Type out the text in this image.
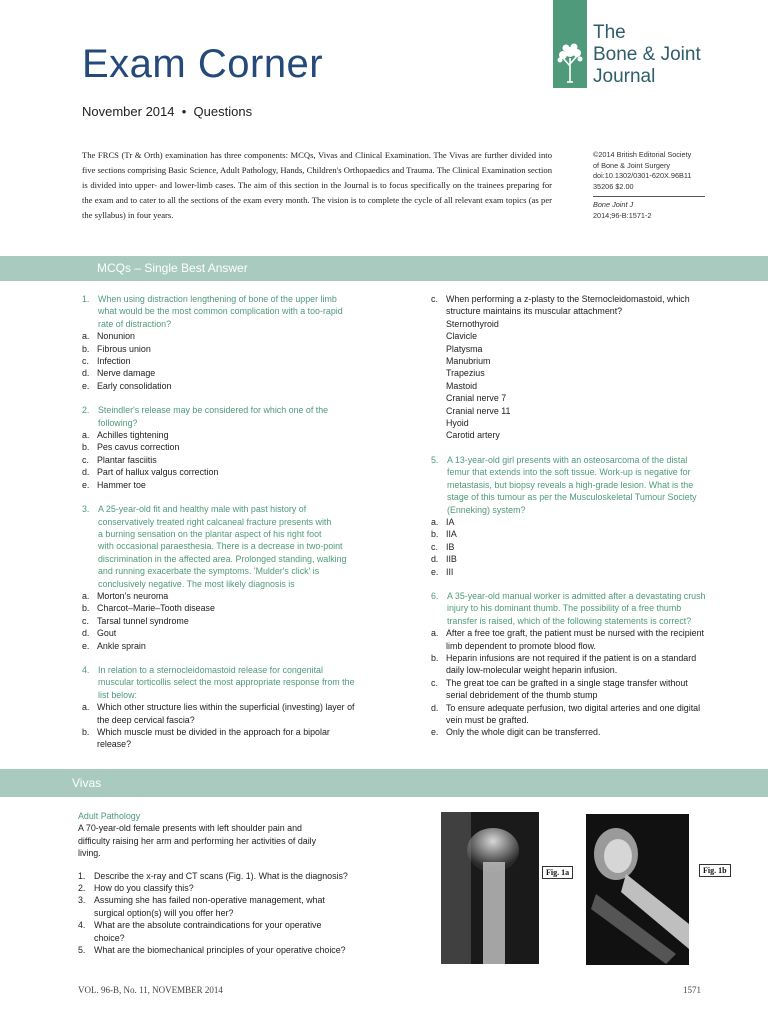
The
Bone & Joint
Journal
Exam Corner
November 2014 • Questions
The FRCS (Tr & Orth) examination has three components: MCQs, Vivas and Clinical Examination. The Vivas are further divided into five sections comprising Basic Science, Adult Pathology, Hands, Children's Orthopaedics and Trauma. The Clinical Examination section is divided into upper- and lower-limb cases. The aim of this section in the Journal is to focus specifically on the trainees preparing for the exam and to cater to all the sections of the exam every month. The vision is to complete the cycle of all relevant exam topics (as per the syllabus) in four years.
©2014 British Editorial Society
of Bone & Joint Surgery
doi:10.1302/0301-620X.96B11
35206 $2.00
Bone Joint J
2014;96-B:1571-2
MCQs – Single Best Answer
1. When using distraction lengthening of bone of the upper limb
what would be the most common complication with a too-rapid
rate of distraction?
a. Nonunion
b. Fibrous union
c. Infection
d. Nerve damage
e. Early consolidation
2. Steindler's release may be considered for which one of the
following?
a. Achilles tightening
b. Pes cavus correction
c. Plantar fasciitis
d. Part of hallux valgus correction
e. Hammer toe
3. A 25-year-old fit and healthy male with past history of
conservatively treated right calcaneal fracture presents with
a burning sensation on the plantar aspect of his right foot
with occasional paraesthesia. There is a decrease in two-point
discrimination in the affected area. Prolonged standing, walking
and running exacerbate the symptoms. 'Mulder's click' is
conclusively negative. The most likely diagnosis is
a. Morton's neuroma
b. Charcot–Marie–Tooth disease
c. Tarsal tunnel syndrome
d. Gout
e. Ankle sprain
4. In relation to a sternocleidomastoid release for congenital
muscular torticollis select the most appropriate response from the
list below:
a. Which other structure lies within the superficial (investing) layer of
the deep cervical fascia?
b. Which muscle must be divided in the approach for a bipolar
release?
c. When performing a z-plasty to the Sternocleidomastoid, which
structure maintains its muscular attachment?
Sternothyroid
Clavicle
Platysma
Manubrium
Trapezius
Mastoid
Cranial nerve 7
Cranial nerve 11
Hyoid
Carotid artery
5. A 13-year-old girl presents with an osteosarcoma of the distal
femur that extends into the soft tissue. Work-up is negative for
metastasis, but biopsy reveals a high-grade lesion. What is the
stage of this tumour as per the Musculoskeletal Tumour Society
(Enneking) system?
a. IA
b. IIA
c. IB
d. IIB
e. III
6. A 35-year-old manual worker is admitted after a devastating crush
injury to his dominant thumb. The possibility of a free thumb
transfer is raised, which of the following statements is correct?
a. After a free toe graft, the patient must be nursed with the recipient
limb dependent to promote blood flow.
b. Heparin infusions are not required if the patient is on a standard
daily low-molecular weight heparin infusion.
c. The great toe can be grafted in a single stage transfer without
serial debridement of the thumb stump
d. To ensure adequate perfusion, two digital arteries and one digital
vein must be grafted.
e. Only the whole digit can be transferred.
Vivas
Adult Pathology
A 70-year-old female presents with left shoulder pain and
difficulty raising her arm and performing her activities of daily
living.
1. Describe the x-ray and CT scans (Fig. 1). What is the diagnosis?
2. How do you classify this?
3. Assuming she has failed non-operative management, what
surgical option(s) will you offer her?
4. What are the absolute contraindications for your operative
choice?
5. What are the biomechanical principles of your operative choice?
Fig. 1a	Fig. 1b
VOL. 96-B, No. 11, NOVEMBER 2014	1571
